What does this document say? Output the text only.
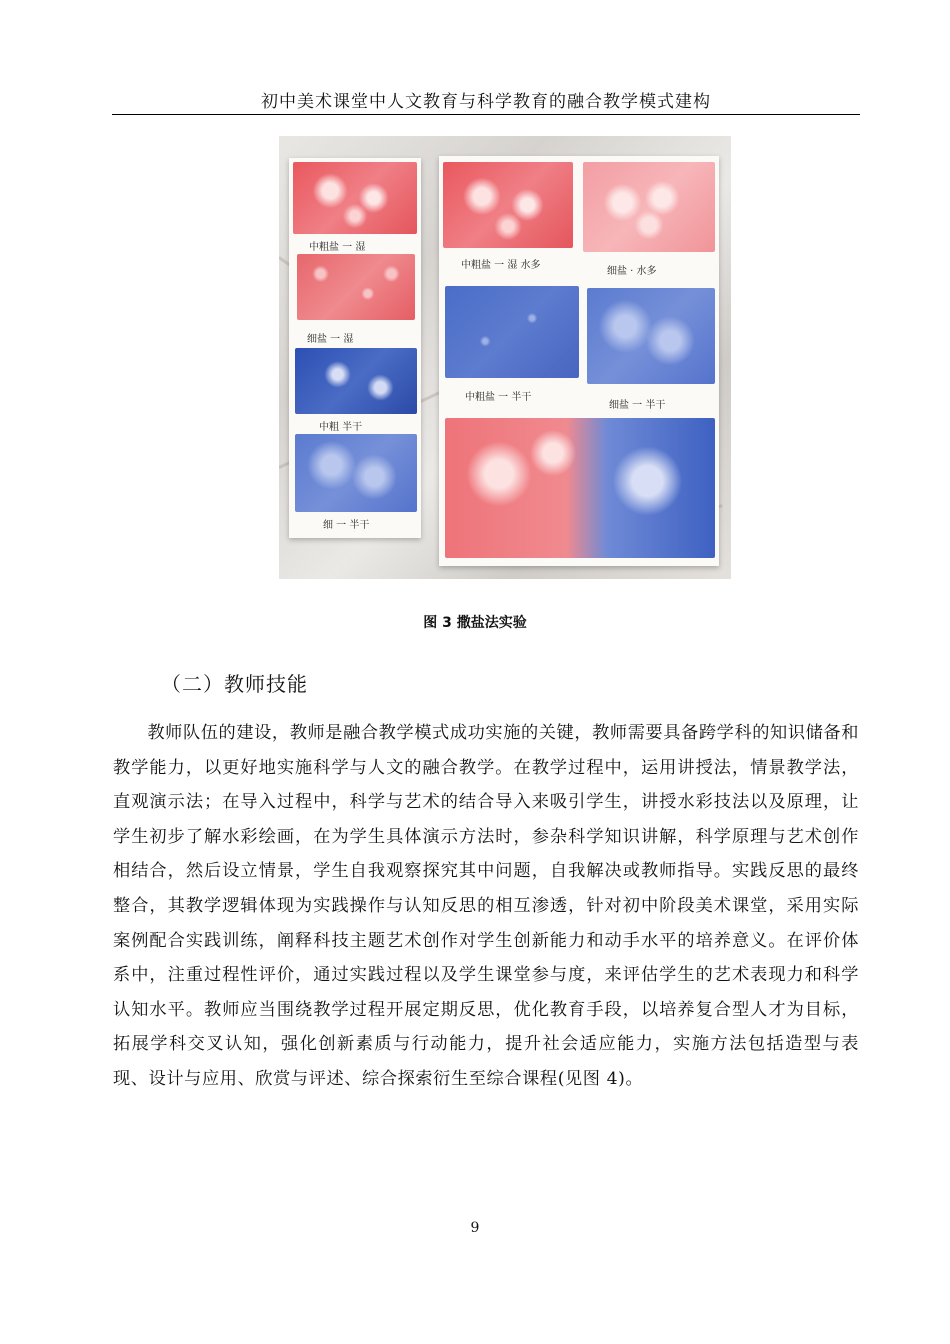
初中美术课堂中人文教育与科学教育的融合教学模式建构
中粗盐 一 湿
细盐 一 湿
中粗 半干
细 一 半干
中粗盐 一 湿 水多
细盐 · 水多
中粗盐 一 半干
细盐 一 半干
图 3 撒盐法实验
（二）教师技能

教师队伍的建设，教师是融合教学模式成功实施的关键，教师需要具备跨学科的知识储备和教学能力，以更好地实施科学与人文的融合教学。在教学过程中，运用讲授法，情景教学法，直观演示法；在导入过程中，科学与艺术的结合导入来吸引学生，讲授水彩技法以及原理，让学生初步了解水彩绘画，在为学生具体演示方法时，参杂科学知识讲解，科学原理与艺术创作相结合，然后设立情景，学生自我观察探究其中问题，自我解决或教师指导。实践反思的最终整合，其教学逻辑体现为实践操作与认知反思的相互渗透，针对初中阶段美术课堂，采用实际案例配合实践训练，阐释科技主题艺术创作对学生创新能力和动手水平的培养意义。在评价体系中，注重过程性评价，通过实践过程以及学生课堂参与度，来评估学生的艺术表现力和科学认知水平。教师应当围绕教学过程开展定期反思，优化教育手段，以培养复合型人才为目标，拓展学科交叉认知，强化创新素质与行动能力，提升社会适应能力，实施方法包括造型与表现、设计与应用、欣赏与评述、综合探索衍生至综合课程(见图 4)。

9
